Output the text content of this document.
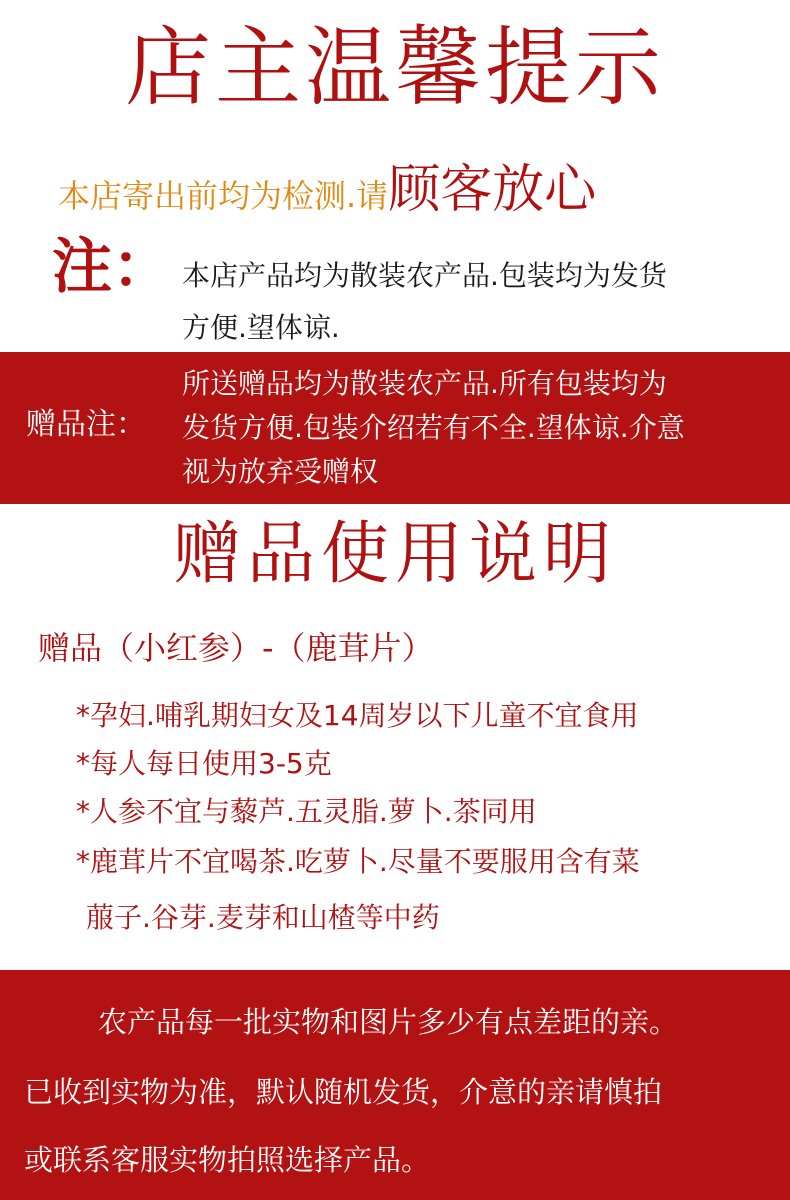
店主温馨提示
本店寄出前均为检测.请顾客放心
注： 本店产品均为散装农产品.包装均为发货
方便.望体谅.
赠品注：
所送赠品均为散装农产品.所有包装均为
发货方便.包装介绍若有不全.望体谅.介意
视为放弃受赠权
赠品使用说明
赠品（小红参）-（鹿茸片）
*孕妇.哺乳期妇女及14周岁以下儿童不宜食用
*每人每日使用3-5克
*人参不宜与藜芦.五灵脂.萝卜.茶同用
*鹿茸片不宜喝茶.吃萝卜.尽量不要服用含有菜
菔子.谷芽.麦芽和山楂等中药
农产品每一批实物和图片多少有点差距的亲。
已收到实物为准，默认随机发货，介意的亲请慎拍
或联系客服实物拍照选择产品。
